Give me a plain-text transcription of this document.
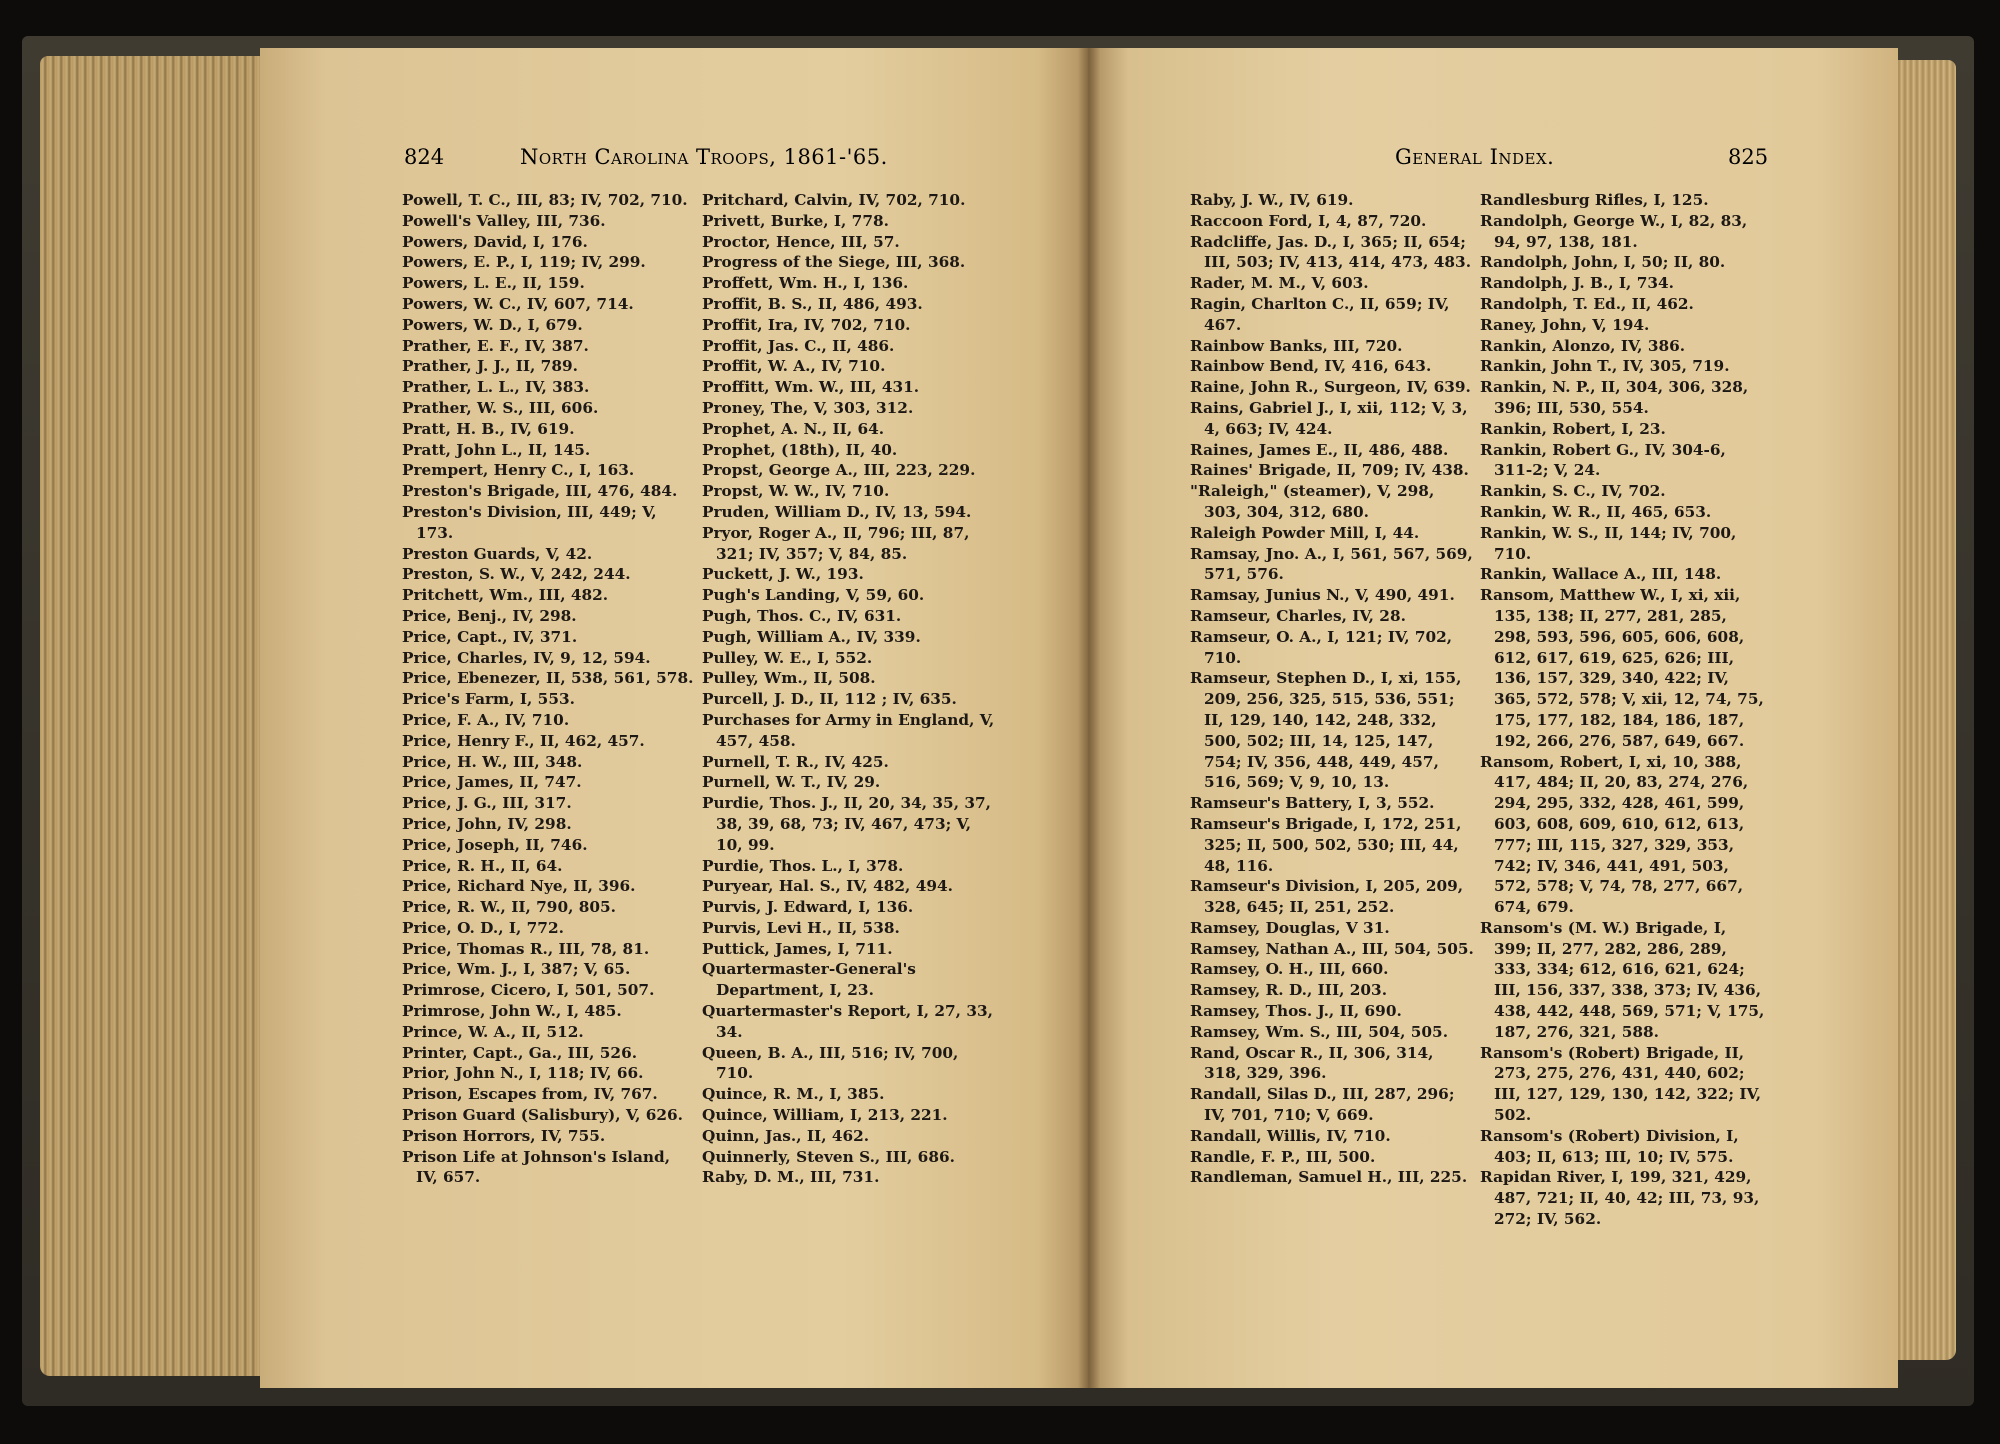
824	North Carolina Troops, 1861-'65.	General Index.	825
Powell, T. C., III, 83; IV, 702, 710.
Powell's Valley, III, 736.
Powers, David, I, 176.
Powers, E. P., I, 119; IV, 299.
Powers, L. E., II, 159.
Powers, W. C., IV, 607, 714.
Powers, W. D., I, 679.
Prather, E. F., IV, 387.
Prather, J. J., II, 789.
Prather, L. L., IV, 383.
Prather, W. S., III, 606.
Pratt, H. B., IV, 619.
Pratt, John L., II, 145.
Prempert, Henry C., I, 163.
Preston's Brigade, III, 476, 484.
Preston's Division, III, 449; V, 173.
Preston Guards, V, 42.
Preston, S. W., V, 242, 244.
Pritchett, Wm., III, 482.
Price, Benj., IV, 298.
Price, Capt., IV, 371.
Price, Charles, IV, 9, 12, 594.
Price, Ebenezer, II, 538, 561, 578.
Price's Farm, I, 553.
Price, F. A., IV, 710.
Price, Henry F., II, 462, 457.
Price, H. W., III, 348.
Price, James, II, 747.
Price, J. G., III, 317.
Price, John, IV, 298.
Price, Joseph, II, 746.
Price, R. H., II, 64.
Price, Richard Nye, II, 396.
Price, R. W., II, 790, 805.
Price, O. D., I, 772.
Price, Thomas R., III, 78, 81.
Price, Wm. J., I, 387; V, 65.
Primrose, Cicero, I, 501, 507.
Primrose, John W., I, 485.
Prince, W. A., II, 512.
Printer, Capt., Ga., III, 526.
Prior, John N., I, 118; IV, 66.
Prison, Escapes from, IV, 767.
Prison Guard (Salisbury), V, 626.
Prison Horrors, IV, 755.
Prison Life at Johnson's Island, IV, 657.
Pritchard, Calvin, IV, 702, 710.
Privett, Burke, I, 778.
Proctor, Hence, III, 57.
Progress of the Siege, III, 368.
Proffett, Wm. H., I, 136.
Proffit, B. S., II, 486, 493.
Proffit, Ira, IV, 702, 710.
Proffit, Jas. C., II, 486.
Proffit, W. A., IV, 710.
Proffitt, Wm. W., III, 431.
Proney, The, V, 303, 312.
Prophet, A. N., II, 64.
Prophet, (18th), II, 40.
Propst, George A., III, 223, 229.
Propst, W. W., IV, 710.
Pruden, William D., IV, 13, 594.
Pryor, Roger A., II, 796; III, 87, 321; IV, 357; V, 84, 85.
Puckett, J. W., 193.
Pugh's Landing, V, 59, 60.
Pugh, Thos. C., IV, 631.
Pugh, William A., IV, 339.
Pulley, W. E., I, 552.
Pulley, Wm., II, 508.
Purcell, J. D., II, 112 ; IV, 635.
Purchases for Army in England, V, 457, 458.
Purnell, T. R., IV, 425.
Purnell, W. T., IV, 29.
Purdie, Thos. J., II, 20, 34, 35, 37, 38, 39, 68, 73; IV, 467, 473; V, 10, 99.
Purdie, Thos. L., I, 378.
Puryear, Hal. S., IV, 482, 494.
Purvis, J. Edward, I, 136.
Purvis, Levi H., II, 538.
Puttick, James, I, 711.
Quartermaster-General's Department, I, 23.
Quartermaster's Report, I, 27, 33, 34.
Queen, B. A., III, 516; IV, 700, 710.
Quince, R. M., I, 385.
Quince, William, I, 213, 221.
Quinn, Jas., II, 462.
Quinnerly, Steven S., III, 686.
Raby, D. M., III, 731.
Raby, J. W., IV, 619.
Raccoon Ford, I, 4, 87, 720.
Radcliffe, Jas. D., I, 365; II, 654; III, 503; IV, 413, 414, 473, 483.
Rader, M. M., V, 603.
Ragin, Charlton C., II, 659; IV, 467.
Rainbow Banks, III, 720.
Rainbow Bend, IV, 416, 643.
Raine, John R., Surgeon, IV, 639.
Rains, Gabriel J., I, xii, 112; V, 3, 4, 663; IV, 424.
Raines, James E., II, 486, 488.
Raines' Brigade, II, 709; IV, 438.
"Raleigh," (steamer), V, 298, 303, 304, 312, 680.
Raleigh Powder Mill, I, 44.
Ramsay, Jno. A., I, 561, 567, 569, 571, 576.
Ramsay, Junius N., V, 490, 491.
Ramseur, Charles, IV, 28.
Ramseur, O. A., I, 121; IV, 702, 710.
Ramseur, Stephen D., I, xi, 155, 209, 256, 325, 515, 536, 551; II, 129, 140, 142, 248, 332, 500, 502; III, 14, 125, 147, 754; IV, 356, 448, 449, 457, 516, 569; V, 9, 10, 13.
Ramseur's Battery, I, 3, 552.
Ramseur's Brigade, I, 172, 251, 325; II, 500, 502, 530; III, 44, 48, 116.
Ramseur's Division, I, 205, 209, 328, 645; II, 251, 252.
Ramsey, Douglas, V 31.
Ramsey, Nathan A., III, 504, 505.
Ramsey, O. H., III, 660.
Ramsey, R. D., III, 203.
Ramsey, Thos. J., II, 690.
Ramsey, Wm. S., III, 504, 505.
Rand, Oscar R., II, 306, 314, 318, 329, 396.
Randall, Silas D., III, 287, 296; IV, 701, 710; V, 669.
Randall, Willis, IV, 710.
Randle, F. P., III, 500.
Randleman, Samuel H., III, 225.
Randlesburg Rifles, I, 125.
Randolph, George W., I, 82, 83, 94, 97, 138, 181.
Randolph, John, I, 50; II, 80.
Randolph, J. B., I, 734.
Randolph, T. Ed., II, 462.
Raney, John, V, 194.
Rankin, Alonzo, IV, 386.
Rankin, John T., IV, 305, 719.
Rankin, N. P., II, 304, 306, 328, 396; III, 530, 554.
Rankin, Robert, I, 23.
Rankin, Robert G., IV, 304-6, 311-2; V, 24.
Rankin, S. C., IV, 702.
Rankin, W. R., II, 465, 653.
Rankin, W. S., II, 144; IV, 700, 710.
Rankin, Wallace A., III, 148.
Ransom, Matthew W., I, xi, xii, 135, 138; II, 277, 281, 285, 298, 593, 596, 605, 606, 608, 612, 617, 619, 625, 626; III, 136, 157, 329, 340, 422; IV, 365, 572, 578; V, xii, 12, 74, 75, 175, 177, 182, 184, 186, 187, 192, 266, 276, 587, 649, 667.
Ransom, Robert, I, xi, 10, 388, 417, 484; II, 20, 83, 274, 276, 294, 295, 332, 428, 461, 599, 603, 608, 609, 610, 612, 613, 777; III, 115, 327, 329, 353, 742; IV, 346, 441, 491, 503, 572, 578; V, 74, 78, 277, 667, 674, 679.
Ransom's (M. W.) Brigade, I, 399; II, 277, 282, 286, 289, 333, 334; 612, 616, 621, 624; III, 156, 337, 338, 373; IV, 436, 438, 442, 448, 569, 571; V, 175, 187, 276, 321, 588.
Ransom's (Robert) Brigade, II, 273, 275, 276, 431, 440, 602; III, 127, 129, 130, 142, 322; IV, 502.
Ransom's (Robert) Division, I, 403; II, 613; III, 10; IV, 575.
Rapidan River, I, 199, 321, 429, 487, 721; II, 40, 42; III, 73, 93, 272; IV, 562.
